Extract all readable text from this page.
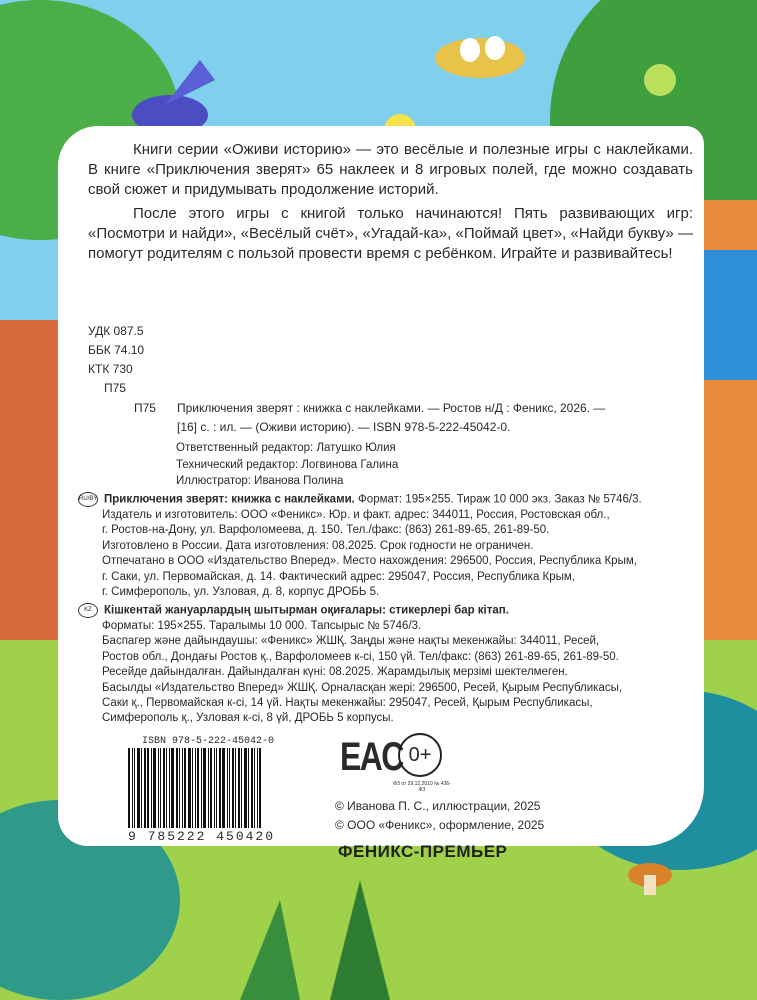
Книги серии «Оживи историю» — это весёлые и полезные игры с наклейками. В книге «Приключения зверят» 65 наклеек и 8 игровых полей, где можно создавать свой сюжет и придумывать продолжение историй.

После этого игры с книгой только начинаются! Пять развивающих игр: «Посмотри и найди», «Весёлый счёт», «Угадай-ка», «Поймай цвет», «Найди букву» — помогут родителям с пользой провести время с ребёнком. Играйте и развивайтесь!

УДК 087.5
ББК 74.10
КТК 730
П75
П75 Приключения зверят : книжка с наклейками. — Ростов н/Д : Феникс, 2026. —
[16] с. : ил. — (Оживи историю). — ISBN 978-5-222-45042-0.
Ответственный редактор: Латушко Юлия
Технический редактор: Логвинова Галина
Иллюстратор: Иванова Полина
RU/BY Приключения зверят: книжка с наклейками. Формат: 195×255. Тираж 10 000 экз. Заказ № 5746/3.
Издатель и изготовитель: ООО «Феникс». Юр. и факт. адрес: 344011, Россия, Ростовская обл.,
г. Ростов-на-Дону, ул. Варфоломеева, д. 150. Тел./факс: (863) 261-89-65, 261-89-50.
Изготовлено в России. Дата изготовления: 08.2025. Срок годности не ограничен.
Отпечатано в ООО «Издательство Вперед». Место нахождения: 296500, Россия, Республика Крым,
г. Саки, ул. Первомайская, д. 14. Фактический адрес: 295047, Россия, Республика Крым,
г. Симферополь, ул. Узловая, д. 8, корпус ДРОБЬ 5.
KZ Кішкентай жануарлардың шытырман оқиғалары: стикерлері бар кітап.
Форматы: 195×255. Таралымы 10 000. Тапсырыс № 5746/3.
Баспагер және дайындаушы: «Феникс» ЖШҚ. Заңды және нақты мекенжайы: 344011, Ресей,
Ростов обл., Дондағы Ростов қ., Варфоломеев к-сі, 150 үй. Тел/факс: (863) 261-89-65, 261-89-50.
Ресейде дайындалған. Дайындалған күні: 08.2025. Жарамдылық мерзімі шектелмеген.
Басылды «Издательство Вперед» ЖШҚ. Орналасқан жері: 296500, Ресей, Қырым Республикасы,
Саки қ., Первомайская к-сі, 14 үй. Нақты мекенжайы: 295047, Ресей, Қырым Республикасы,
Симферополь қ., Узловая к-сі, 8 үй, ДРОБЬ 5 корпусы.
ISBN 978-5-222-45042-0
9 785222 450420
EAC 0+
ФЗ от 29.12.2010 № 436-ФЗ
© Иванова П. С., иллюстрации, 2025
© ООО «Феникс», оформление, 2025
ФЕНИКС-ПРЕМЬЕР
